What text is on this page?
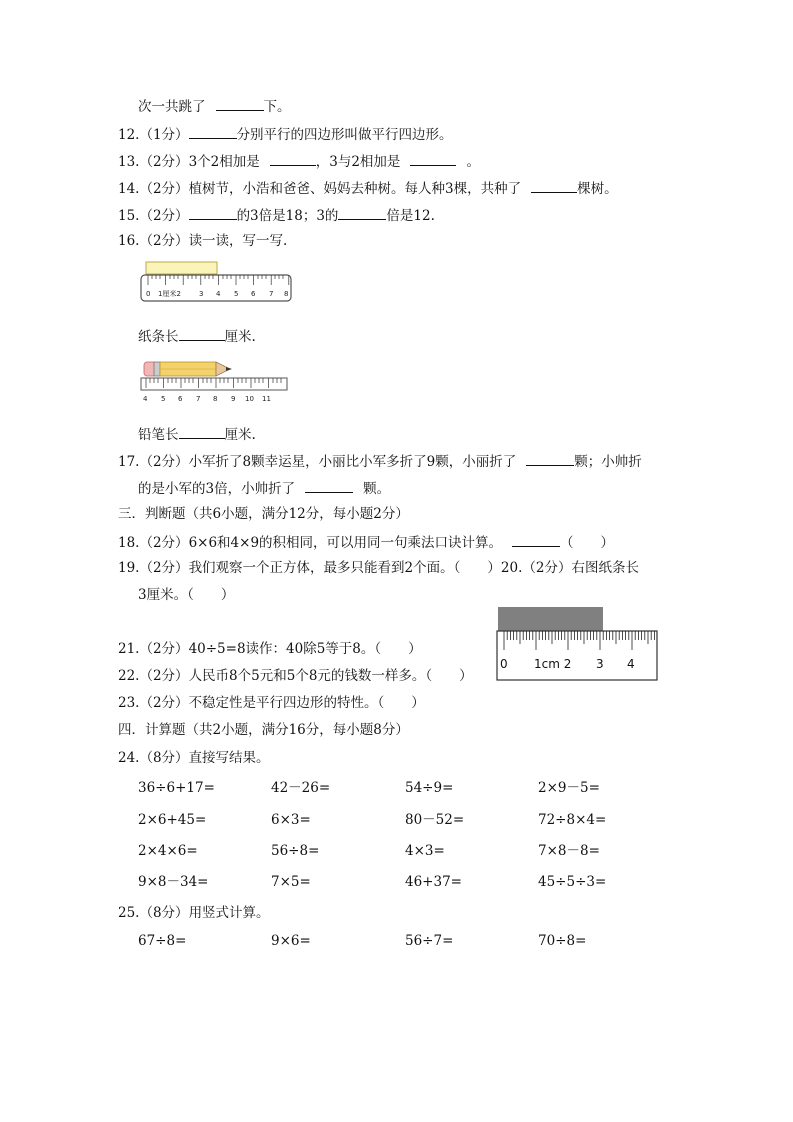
次一共跳了	下。
12.（1分）	分别平行的四边形叫做平行四边形。
13.（2分）3个2相加是	，3与2相加是	。
14.（2分）植树节，小浩和爸爸、妈妈去种树。每人种3棵，共种了	棵树。
15.（2分）	的3倍是18；3的	倍是12.
16.（2分）读一读，写一写.
0 1厘米2	3 4 5 6 7 8
纸条长	厘米.
4 5 6 7 8 9 10 11
铅笔长	厘米.
17.（2分）小军折了8颗幸运星，小丽比小军多折了9颗，小丽折了	颗；小帅折
的是小军的3倍，小帅折了	颗。
三．判断题（共6小题，满分12分，每小题2分）
18.（2分）6×6和4×9的积相同，可以用同一句乘法口诀计算。	（　　）
19.（2分）我们观察一个正方体，最多只能看到2个面。（　　）20.（2分）右图纸条长
3厘米。（　　）
0 1cm 2 3 4
21.（2分）40÷5=8读作：40除5等于8。（　　）
22.（2分）人民币8个5元和5个8元的钱数一样多。（　　）
23.（2分）不稳定性是平行四边形的特性。（　　）
四．计算题（共2小题，满分16分，每小题8分）
24.（8分）直接写结果。
36÷6+17=	42－26=	54÷9=	2×9－5=
2×6+45=	6×3=	80－52=	72÷8×4=
2×4×6=	56÷8=	4×3=	7×8－8=
9×8－34=	7×5=	46+37=	45÷5÷3=
25.（8分）用竖式计算。
67÷8=	9×6=	56÷7=	70÷8=
